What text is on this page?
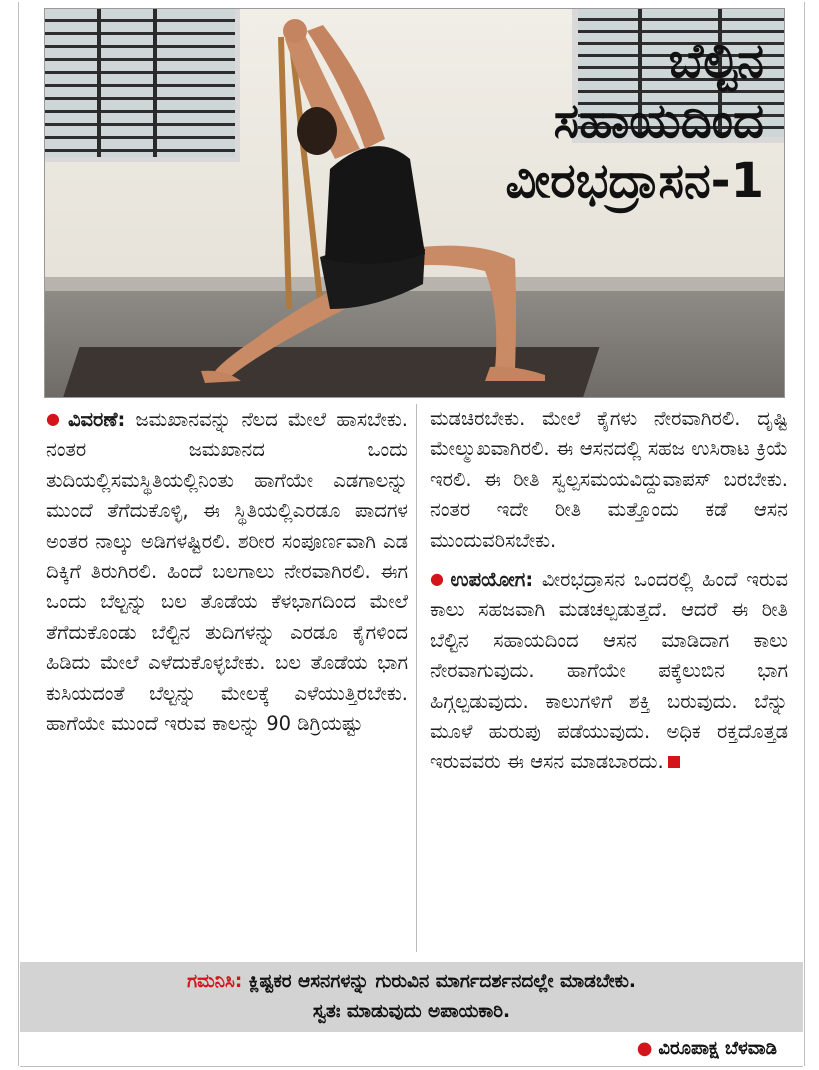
ಬೆಲ್ಟಿನ
ಸಹಾಯದಿಂದ
ವೀರಭದ್ರಾಸನ-1

● ವಿವರಣೆ: ಜಮಖಾನವನ್ನು ನೆಲದ ಮೇಲೆ ಹಾಸಬೇಕು. ನಂತರ ಜಮಖಾನದ ಒಂದು ತುದಿಯಲ್ಲಿಸಮಸ್ಥಿತಿಯಲ್ಲಿನಿಂತು ಹಾಗೆಯೇ ಎಡಗಾಲನ್ನು ಮುಂದೆ ತೆಗೆದುಕೊಳ್ಳಿ, ಈ ಸ್ಥಿತಿಯಲ್ಲಿಎರಡೂ ಪಾದಗಳ ಅಂತರ ನಾಲ್ಕು ಅಡಿಗಳಷ್ಟಿರಲಿ. ಶರೀರ ಸಂಪೂರ್ಣವಾಗಿ ಎಡ ದಿಕ್ಕಿಗೆ ತಿರುಗಿರಲಿ. ಹಿಂದೆ ಬಲಗಾಲು ನೇರವಾಗಿರಲಿ. ಈಗ ಒಂದು ಬೆಲ್ಟನ್ನು ಬಲ ತೊಡೆಯ ಕೆಳಭಾಗದಿಂದ ಮೇಲೆ ತೆಗೆದುಕೊಂಡು ಬೆಲ್ಟಿನ ತುದಿಗಳನ್ನು ಎರಡೂ ಕೈಗಳಿಂದ ಹಿಡಿದು ಮೇಲೆ ಎಳೆದುಕೊಳ್ಳಬೇಕು. ಬಲ ತೊಡೆಯ ಭಾಗ ಕುಸಿಯದಂತೆ ಬೆಲ್ಟನ್ನು ಮೇಲಕ್ಕೆ ಎಳೆಯುತ್ತಿರಬೇಕು. ಹಾಗೆಯೇ ಮುಂದೆ ಇರುವ ಕಾಲನ್ನು 90 ಡಿಗ್ರಿಯಷ್ಟು

ಮಡಚಿರಬೇಕು. ಮೇಲೆ ಕೈಗಳು ನೇರವಾಗಿರಲಿ. ದೃಷ್ಟಿ ಮೇಲ್ಮುಖವಾಗಿರಲಿ. ಈ ಆಸನದಲ್ಲಿ ಸಹಜ ಉಸಿರಾಟ ಕ್ರಿಯೆ ಇರಲಿ. ಈ ರೀತಿ ಸ್ವಲ್ಪಸಮಯವಿದ್ದುವಾಪಸ್ ಬರಬೇಕು. ನಂತರ ಇದೇ ರೀತಿ ಮತ್ತೊಂದು ಕಡೆ ಆಸನ ಮುಂದುವರಿಸಬೇಕು.

● ಉಪಯೋಗ: ವೀರಭದ್ರಾಸನ ಒಂದರಲ್ಲಿ ಹಿಂದೆ ಇರುವ ಕಾಲು ಸಹಜವಾಗಿ ಮಡಚಲ್ಪಡುತ್ತದೆ. ಆದರೆ ಈ ರೀತಿ ಬೆಲ್ಟಿನ ಸಹಾಯದಿಂದ ಆಸನ ಮಾಡಿದಾಗ ಕಾಲು ನೇರವಾಗುವುದು. ಹಾಗೆಯೇ ಪಕ್ಕೆಲುಬಿನ ಭಾಗ ಹಿಗ್ಗಲ್ಪಡುವುದು. ಕಾಲುಗಳಿಗೆ ಶಕ್ತಿ ಬರುವುದು. ಬೆನ್ನು ಮೂಳೆ ಹುರುಪು ಪಡೆಯುವುದು. ಅಧಿಕ ರಕ್ತದೊತ್ತಡ ಇರುವವರು ಈ ಆಸನ ಮಾಡಬಾರದು.

ಗಮನಿಸಿ: ಕ್ಲಿಷ್ಟಕರ ಆಸನಗಳನ್ನು ಗುರುವಿನ ಮಾರ್ಗದರ್ಶನದಲ್ಲೇ ಮಾಡಬೇಕು.
ಸ್ವತಃ ಮಾಡುವುದು ಅಪಾಯಕಾರಿ.
● ವಿರೂಪಾಕ್ಷ ಬೆಳವಾಡಿ
